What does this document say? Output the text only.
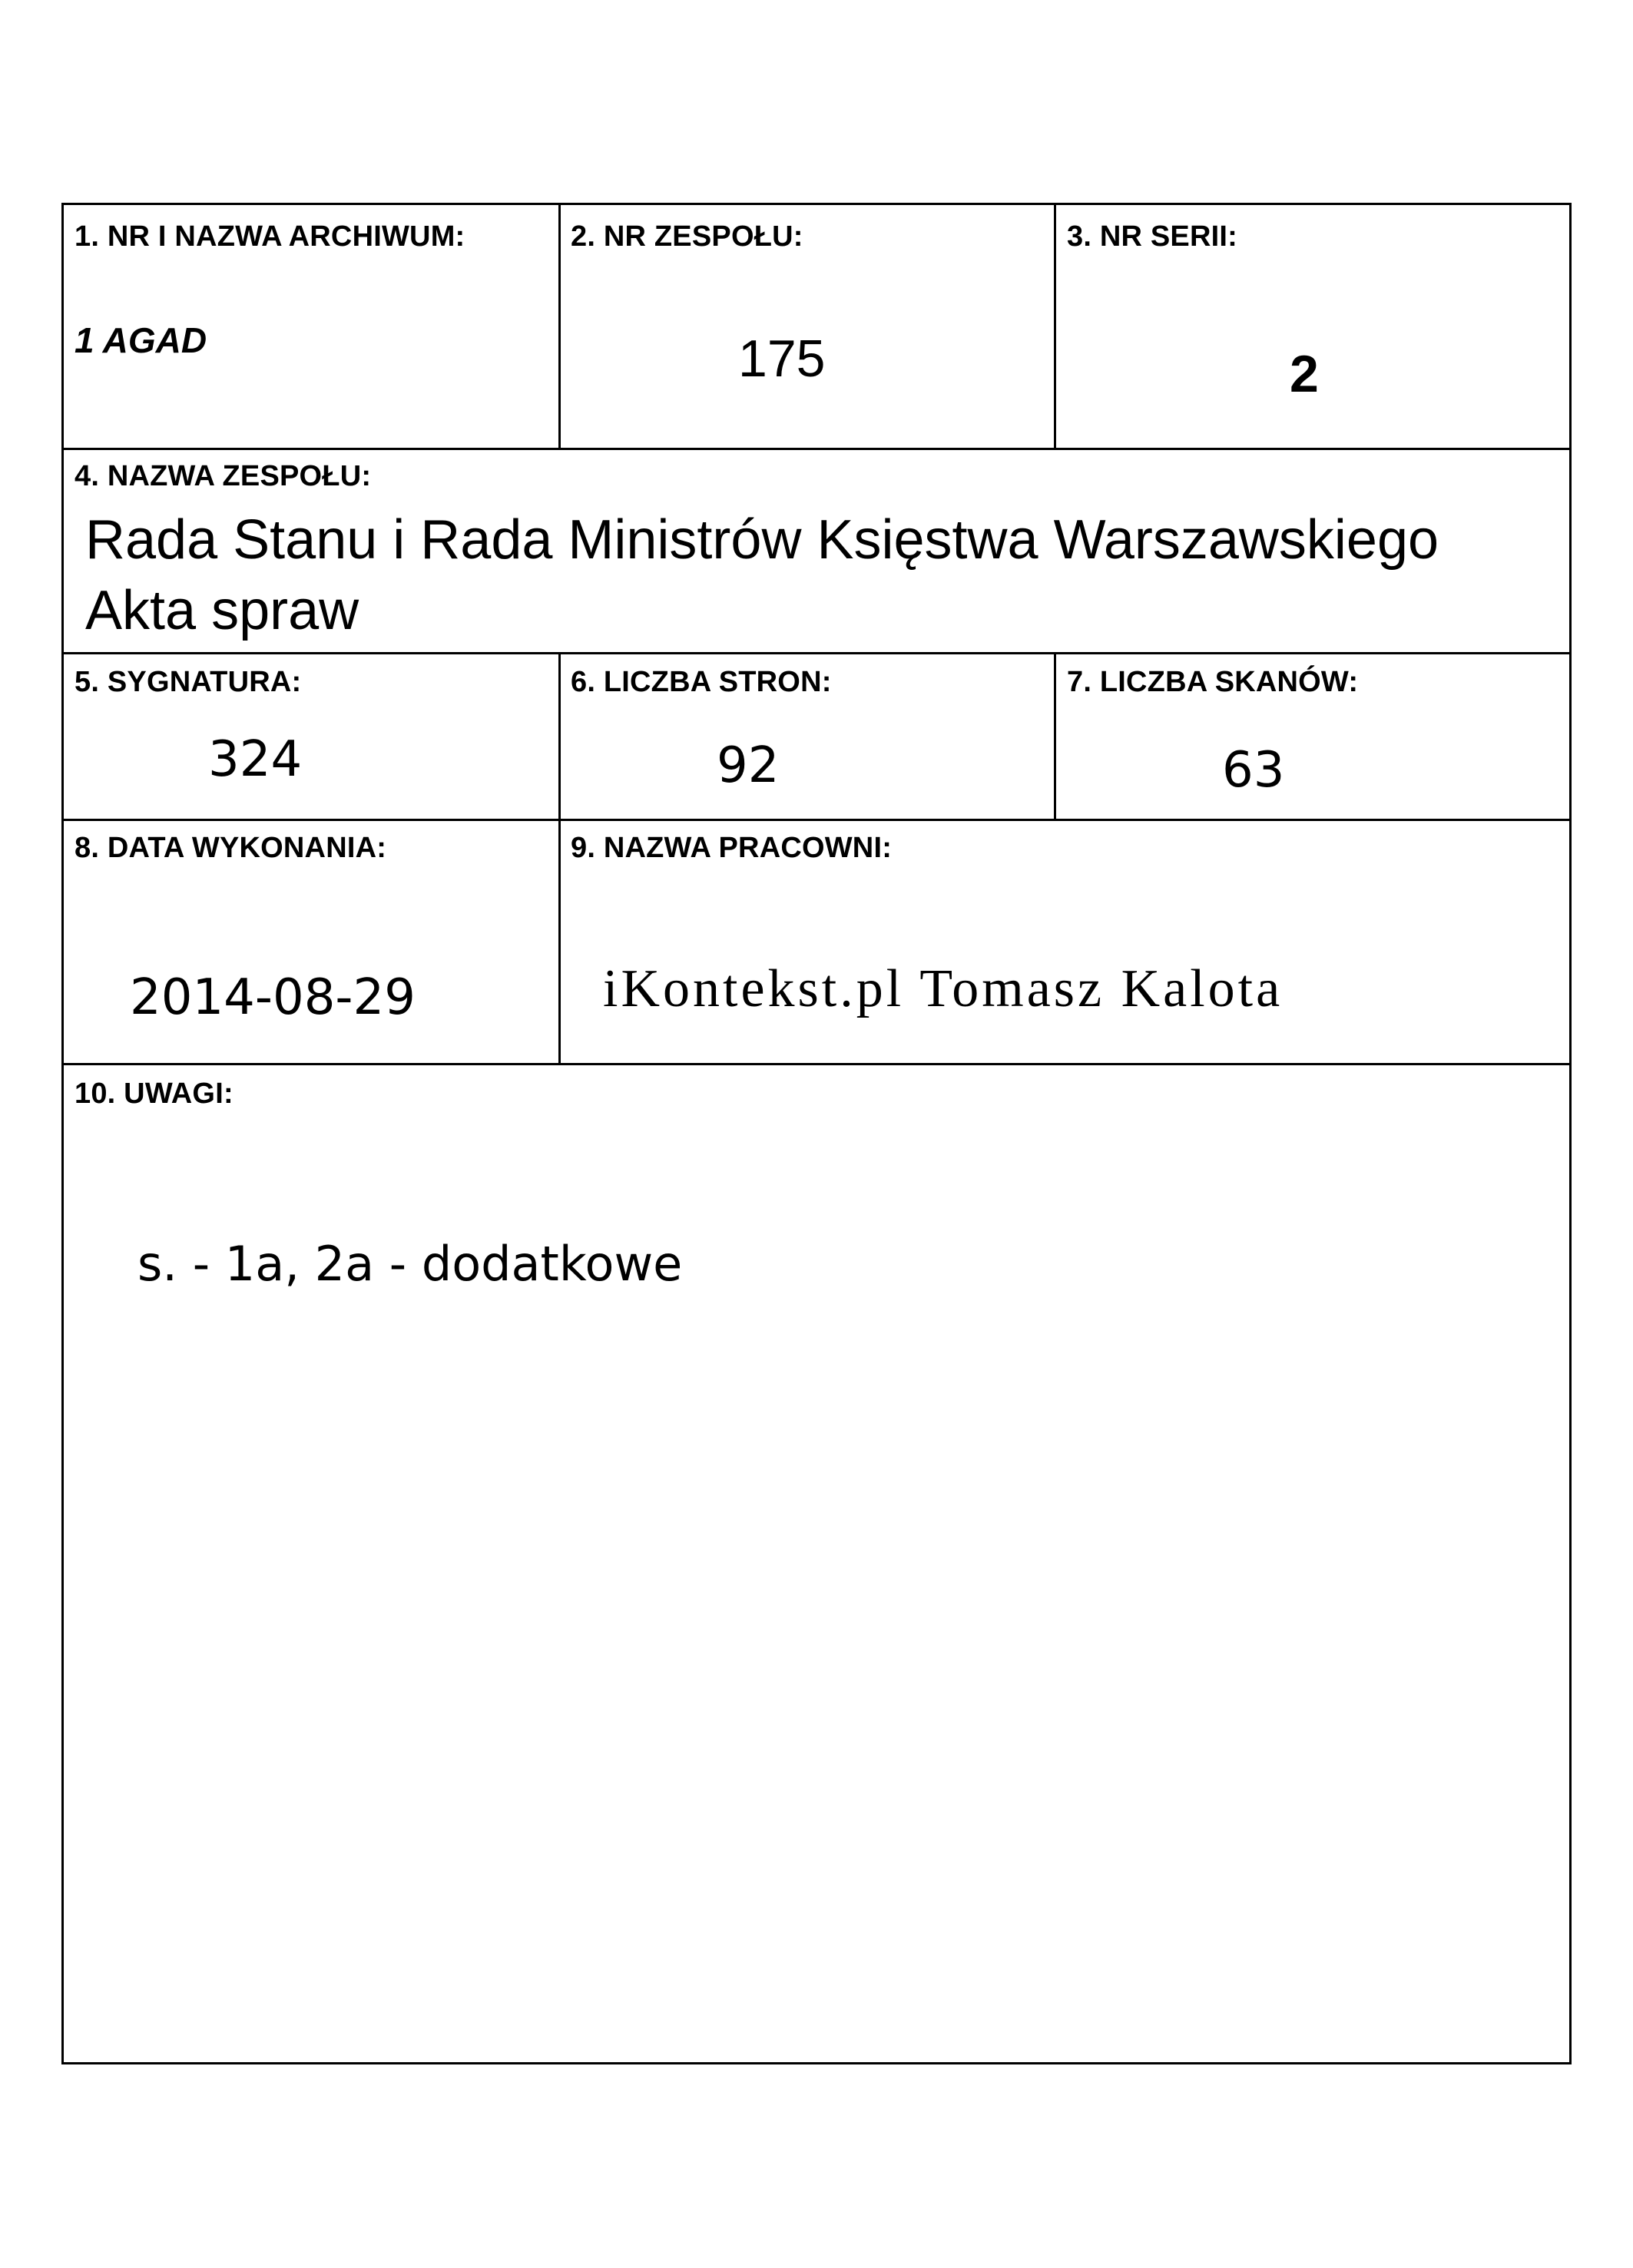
1. NR I NAZWA ARCHIWUM:
1 AGAD
2. NR ZESPOŁU:
175
3. NR SERII:
2
4. NAZWA ZESPOŁU:
Rada Stanu i Rada Ministrów Księstwa Warszawskiego
Akta spraw
5. SYGNATURA:
324
6. LICZBA STRON:
92
7. LICZBA SKANÓW:
63
8. DATA WYKONANIA:
2014-08-29
9. NAZWA PRACOWNI:
iKontekst.pl Tomasz Kalota
10. UWAGI:
s. - 1a, 2a - dodatkowe
